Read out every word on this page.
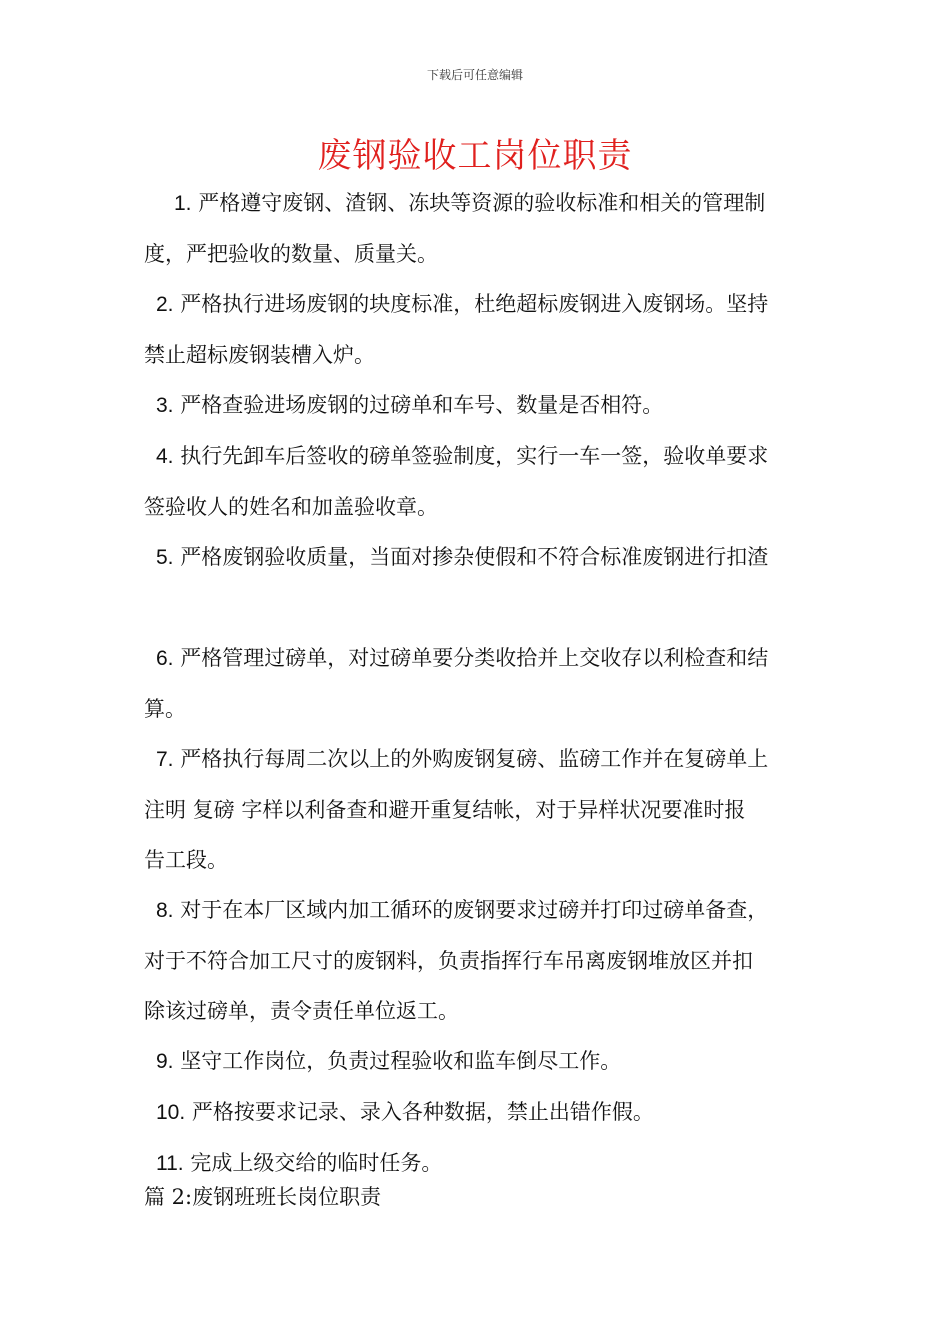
下载后可任意编辑
废钢验收工岗位职责
1. 严格遵守废钢、渣钢、冻块等资源的验收标准和相关的管理制
度，严把验收的数量、质量关。
2. 严格执行进场废钢的块度标准，杜绝超标废钢进入废钢场。坚持
禁止超标废钢装槽入炉。
3. 严格查验进场废钢的过磅单和车号、数量是否相符。
4. 执行先卸车后签收的磅单签验制度，实行一车一签，验收单要求
签验收人的姓名和加盖验收章。
5. 严格废钢验收质量，当面对掺杂使假和不符合标准废钢进行扣渣
6. 严格管理过磅单，对过磅单要分类收拾并上交收存以利检查和结
算。
7. 严格执行每周二次以上的外购废钢复磅、监磅工作并在复磅单上
注明 复磅 字样以利备查和避开重复结帐，对于异样状况要准时报
告工段。
8. 对于在本厂区域内加工循环的废钢要求过磅并打印过磅单备查，
对于不符合加工尺寸的废钢料，负责指挥行车吊离废钢堆放区并扣
除该过磅单，责令责任单位返工。
9. 坚守工作岗位，负责过程验收和监车倒尽工作。
10. 严格按要求记录、录入各种数据，禁止出错作假。
11. 完成上级交给的临时任务。
篇 2:废钢班班长岗位职责
